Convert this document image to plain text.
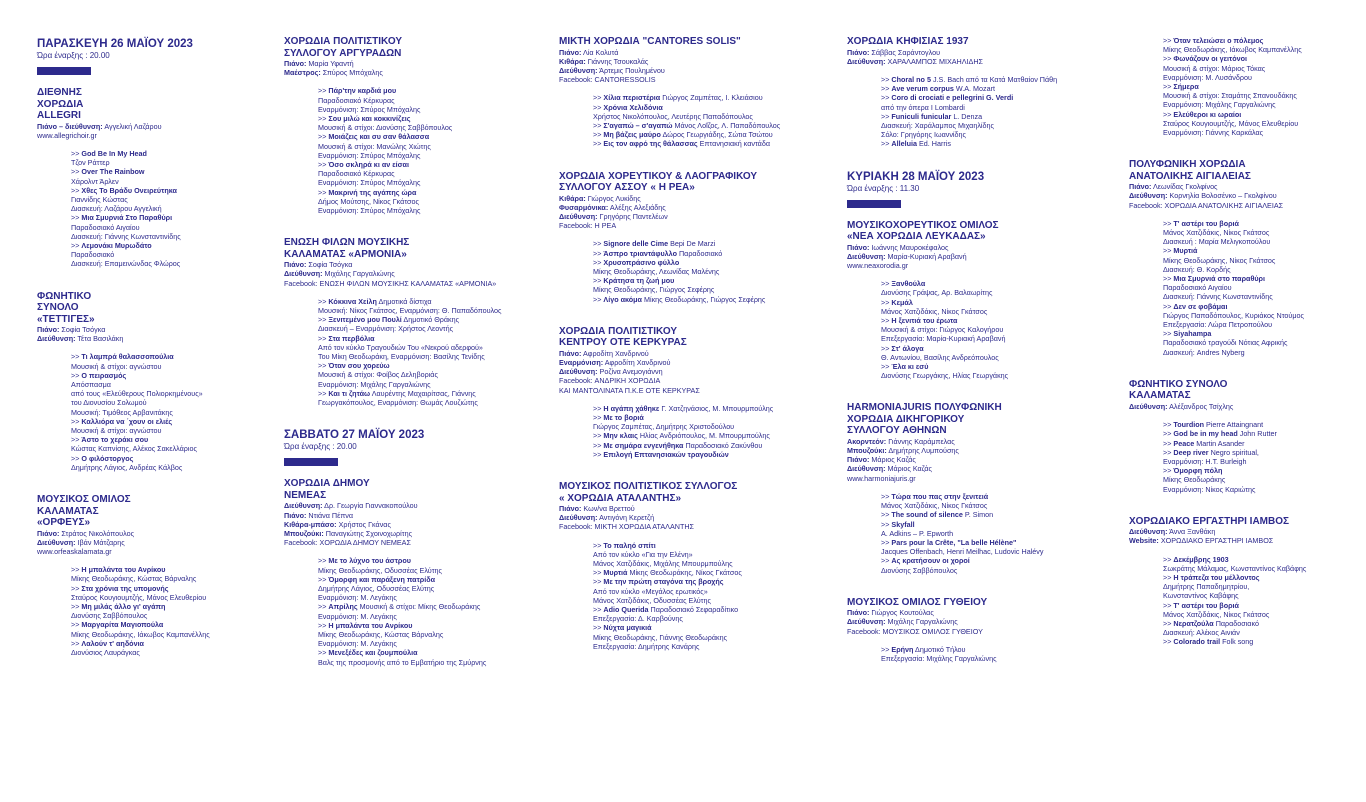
ΠΑΡΑΣΚΕΥΗ 26 ΜΑΪΟΥ 2023
Ώρα έναρξης : 20.00
ΔΙΕΘΝΗΣ
ΧΟΡΩΔΙΑ
ALLEGRI
Πιάνο – διεύθυνση: Αγγελική Λαζάρου
www.allegrichoir.gr
>> God Be In My Head
Τζον Ράττερ
>> Over The Rainbow
Χάρολντ Άρλεν
>> Χθες Το Βράδυ Ονειρεύτηκα
Γιαννίδης Κώστας
Διασκευή: Λαζάρου Αγγελική
>> Μια Σμυρνιά Στο Παραθύρι
Παραδοσιακό Αιγαίου
Διασκευή: Γιάννης Κωνσταντινίδης
>> Λεμονάκι Μυρωδάτο
Παραδοσιακό
Διασκευή: Επαμεινώνδας Φλώρος
ΦΩΝΗΤΙΚΟ
ΣΥΝΟΛΟ
«ΤΕΤΤΙΓΕΣ»
Πιάνο: Σοφία Τσόγκα
Διεύθυνση: Τέτα Βασιλάκη
>> Τι λαμπρά θαλασσοπούλια
Μουσική & στίχοι: αγνώστου
>> Ο πειρασμός
Απόσπασμα
από τους «Ελεύθερους Πολιορκημένους»
του Διονυσίου Σολωμού
Μουσική: Τιμόθεος Αρβανιτάκης
>> Καλλιόρα να ΄χουν οι ελιές
Μουσική & στίχοι: αγνώστου
>> Άστο το χεράκι σου
Κώστας Καπνίσης, Αλέκος Σακελλάριος
>> Ο φιλόστοργος
Δημήτρης Λάγιος, Ανδρέας Κάλβος
ΜΟΥΣΙΚΟΣ ΟΜΙΛΟΣ
ΚΑΛΑΜΑΤΑΣ
«ΟΡΦΕΥΣ»
Πιάνο: Στράτος Νικολόπουλος
Διεύθυνση: Ιβάν Μάτζαρης
www.orfeaskalamata.gr
>> Η μπαλάντα του Ανρίκου
Μίκης Θεοδωράκης, Κώστας Βάρναλης
>> Στα χρόνια της υπομονής
Σταύρος Κουγιουμτζής, Μάνος Ελευθερίου
>> Μη μιλάς άλλο γι' αγάπη
Διονύσης Σαββόπουλος
>> Μαργαρίτα Μαγιοπούλα
Μίκης Θεοδωράκης, Ιάκωβος Καμπανέλλης
>> Λαλούν τ' αηδόνια
Διονύσιος Λαυράγκας
ΧΟΡΩΔΙΑ ΠΟΛΙΤΙΣΤΙΚΟΥ
ΣΥΛΛΟΓΟΥ ΑΡΓΥΡΑΔΩΝ
Πιάνο: Μαρία Υφαντή
Μαέστρος: Σπύρος Μπόχαλης
>> Πάρ'την καρδιά μου
Παραδοσιακό Κέρκυρας
Εναρμόνιση: Σπύρος Μπόχαλης
>> Σου μιλώ και κοκκινίζεις
Μουσική & στίχοι: Διονύσης Σαββόπουλος
>> Μοιάζεις και συ σαν θάλασσα
Μουσική & στίχοι: Μανώλης Χιώτης
Εναρμόνιση: Σπύρος Μπόχαλης
>> Όσο σκληρά κι αν είσαι
Παραδοσιακό Κέρκυρας
Εναρμόνιση: Σπύρος Μπόχαλης
>> Μακρινή της αγάπης ώρα
Δήμος Μούτσης, Νίκος Γκάτσος
Εναρμόνιση: Σπύρος Μπόχαλης
ΕΝΩΣΗ ΦΙΛΩΝ ΜΟΥΣΙΚΗΣ
ΚΑΛΑΜΑΤΑΣ «ΑΡΜΟΝΙΑ»
Πιάνο: Σοφία Τσόγκα
Διεύθυνση: Μιχάλης Γαργαλιώνης
Facebook: ΕΝΩΣΗ ΦΙΛΩΝ ΜΟΥΣΙΚΗΣ ΚΑΛΑΜΑΤΑΣ «ΑΡΜΟΝΙΑ»
>> Κόκκινα Χείλη Δημοτικά δίστιχα
Μουσική: Νίκος Γκάτσος, Εναρμόνιση: Θ. Παπαδόπουλος
>> Ξενιτεμένο μου Πουλί Δημοτικό Θράκης
Διασκευή – Εναρμόνιση: Χρήστος Λεοντής
>> Στα περβόλια
Από τον κύκλο Τραγουδιών Του «Νεκρού αδερφού»
Του Μίκη Θεοδωράκη, Εναρμόνιση: Βασίλης Τενίδης
>> Όταν σου χορεύω
Μουσική & στίχοι: Φοίβος Δεληβοριάς
Εναρμόνιση: Μιχάλης Γαργαλιώνης
>> Και τι ζητάω Λαυρέντης Μαχαιρίτσας, Γιάννης
Γεωργακόπουλος, Εναρμόνιση: Θωμάς Λουζιώτης
ΣΑΒΒΑΤΟ 27 ΜΑΪΟΥ 2023
Ώρα έναρξης : 20.00
ΧΟΡΩΔΙΑ ΔΗΜΟΥ
ΝΕΜΕΑΣ
Διεύθυνση: Δρ. Γεωργία Γιαννακοπούλου
Πιάνο: Ντιάνα Πέπνα
Κιθάρα-μπάσο: Χρήστος Γκάνας
Μπουζούκι: Παναγιώτης Σχοινοχωρίτης
Facebook: ΧΟΡΩΔΙΑ ΔΗΜΟΥ ΝΕΜΕΑΣ
>> Με το λύχνο του άστρου
Μίκης Θεοδωράκης, Οδυσσέας Ελύτης
>> Όμορφη και παράξενη πατρίδα
Δημήτρης Λάγιος, Οδυσσέας Ελύτης
Εναρμόνιση: Μ. Λεγάκης
>> Απρίλης Μουσική & στίχοι: Μίκης Θεοδωράκης
Εναρμόνιση: Μ. Λεγάκης
>> Η μπαλάντα του Ανρίκου
Μίκης Θεοδωράκης, Κώστας Βάρναλης
Εναρμόνιση: Μ. Λεγάκης
>> Μενεξέδες και ζουμπούλια
Βαλς της προσμονής από το Εμβατήριο της Σμύρνης
ΜΙΚΤΗ ΧΟΡΩΔΙΑ "CANTORES SOLIS"
Πιάνο: Λία Κολυτά
Κιθάρα: Γιάννης Τσουκαλάς
Διεύθυνση: Άρτεμις Πουλημένου
Facebook: CANTORESSOLIS
>> Χίλια περιστέρια Γιώργος Ζαμπέτας, Ι. Κλειάσιου
>> Χρόνια Χελιδόνια
Χρήστος Νικολόπουλος, Λευτέρης Παπαδόπουλος
>> Σ'αγαπώ – σ'αγαπώ Μάνος Λοΐζος, Λ. Παπαδόπουλος
>> Μη βάζεις μαύρο Δώρος Γεωργιάδης, Σώτια Τσώτου
>> Εις τον αφρό της θάλασσας Επτανησιακή καντάδα
ΧΟΡΩΔΙΑ ΧΟΡΕΥΤΙΚΟΥ & ΛΑΟΓΡΑΦΙΚΟΥ
ΣΥΛΛΟΓΟΥ ΑΣΣΟΥ « Η ΡΕΑ»
Κιθάρα: Γιώργος Λυκίδης
Φυσαρμόνικα: Αλέξης Αλεξιάδης
Διεύθυνση: Γρηγόρης Παντελέων
Facebook: Η ΡΕΑ
>> Signore delle Cime Bepi De Marzi
>> Άσπρο τριαντάφυλλο Παραδοσιακό
>> Χρυσοπράσινο φύλλο
Μίκης Θεοδωράκης, Λεωνίδας Μαλένης
>> Κράτησα τη ζωή μου
Μίκης Θεοδωράκης, Γιώργος Σεφέρης
>> Λίγο ακόμα Μίκης Θεοδωράκης, Γιώργος Σεφέρης
ΧΟΡΩΔΙΑ ΠΟΛΙΤΙΣΤΙΚΟΥ
ΚΕΝΤΡΟΥ ΟΤΕ ΚΕΡΚΥΡΑΣ
Πιάνο: Αφροδίτη Χανδρινού
Εναρμόνιση: Αφροδίτη Χανδρινού
Διεύθυνση: Ροζίνα Ανεμογιάννη
Facebook: ΑΝΔΡΙΚΗ ΧΟΡΩΔΙΑ
ΚΑΙ ΜΑΝΤΟΛΙΝΑΤΑ Π.Κ.Ε ΟΤΕ ΚΕΡΚΥΡΑΣ
>> Η αγάπη χάθηκε Γ. Χατζηνάσιος, Μ. Μπουρμπούλης
>> Με το βοριά
Γιώργος Ζαμπέτας, Δημήτρης Χριστοδούλου
>> Μην κλαις Ηλίας Ανδριόπουλος, Μ. Μπουρμπούλης
>> Με σημάρα ενγενήθηκα Παραδοσιακό Ζακύνθου
>> Επιλογή Επτανησιακών τραγουδιών
ΜΟΥΣΙΚΟΣ ΠΟΛΙΤΙΣΤΙΚΟΣ ΣΥΛΛΟΓΟΣ
« ΧΟΡΩΔΙΑ ΑΤΑΛΑΝΤΗΣ»
Πιάνο: Κων/να Βρεττού
Διεύθυνση: Αντιγόνη Κερετζή
Facebook: ΜΙΚΤΗ ΧΟΡΩΔΙΑ ΑΤΑΛΑΝΤΗΣ
>> Το παληό σπίτι
Από τον κύκλο «Για την Ελένη»
Μάνος Χατζιδάκις, Μιχάλης Μπουρμπούλης
>> Μυρτιά Μίκης Θεοδωράκης, Νίκος Γκάτσος
>> Με την πρώτη σταγόνα της βροχής
Από τον κύκλο «Μεγάλος ερωτικός»
Μάνος Χατζιδάκις, Οδυσσέας Ελύτης
>> Adio Querida Παραδοσιακό Σεφαραδίτικο
Επεξεργασία: Δ. Καρβούνης
>> Νύχτα μαγικιά
Μίκης Θεοδωράκης, Γιάννης Θεοδωράκης
Επεξεργασία: Δημήτρης Κανάρης
ΧΟΡΩΔΙΑ ΚΗΦΙΣΙΑΣ 1937
Πιάνο: Σάββας Σαράντογλου
Διεύθυνση: ΧΑΡΑΛΑΜΠΟΣ ΜΙΧΑΗΛΙΔΗΣ
>> Choral no 5 J.S. Bach από τα Κατά Ματθαίον Πάθη
>> Ave verum corpus W.A. Mozart
>> Coro di crociati e pellegrini G. Verdi
από την όπερα I Lombardi
>> Funiculi funicular L. Denza
Διασκευή: Χαράλαμπος Μιχαηλίδης
Σόλο: Γρηγόρης Ιωαννίδης
>> Alleluia Ed. Harris
ΚΥΡΙΑΚΗ 28 ΜΑΪΟΥ 2023
Ώρα έναρξης : 11.30
ΜΟΥΣΙΚΟΧΟΡΕΥΤΙΚΟΣ ΟΜΙΛΟΣ
«ΝΕΑ ΧΟΡΩΔΙΑ ΛΕΥΚΑΔΑΣ»
Πιάνο: Ιωάννης Μαυροκέφαλος
Διεύθυνση: Μαρία-Κυριακή Αραβανή
www.neaxorodia.gr
>> Ξανθούλα
Διονύσης Γράψας, Αρ. Βαλαωρίτης
>> Κεμάλ
Μάνος Χατζιδάκις, Νίκος Γκάτσος
>> Η ξενιτιά του έρωτα
Μουσική & στίχοι: Γιώργος Καλογήρου
Επεξεργασία: Μαρία-Κυριακή Αραβανή
>> Στ' άλογα
Θ. Αντωνίου, Βασίλης Ανδρεόπουλος
>> Έλα κι εσύ
Διονύσης Γεωργάκης, Ηλίας Γεωργάκης
HARMONIAJURIS ΠΟΛΥΦΩΝΙΚΗ
ΧΟΡΩΔΙΑ ΔΙΚΗΓΟΡΙΚΟΥ
ΣΥΛΛΟΓΟΥ ΑΘΗΝΩΝ
Ακορντεόν: Γιάννης Καράμπελας
Μπουζούκι: Δημήτρης Λυμπούσης
Πιάνο: Μάριος Καζάς
Διεύθυνση: Μάριος Καζάς
www.harmoniajuris.gr
>> Τώρα που πας στην ξενιτειά
Μάνος Χατζιδάκις, Νίκος Γκάτσος
>> The sound of silence P. Simon
>> Skyfall
A. Adkins – P. Epworth
>> Pars pour la Crête, "La belle Hélène"
Jacques Offenbach, Henri Meilhac, Ludovic Halévy
>> Ας κρατήσουν οι χοροί
Διονύσης Σαββόπουλος
ΜΟΥΣΙΚΟΣ ΟΜΙΛΟΣ ΓΥΘΕΙΟΥ
Πιάνο: Γιώργος Κουτούλας
Διεύθυνση: Μιχάλης Γαργαλιώνης
Facebook: ΜΟΥΣΙΚΟΣ ΟΜΙΛΟΣ ΓΥΘΕΙΟΥ
>> Ερήνη Δημοτικό Τήλου
Επεξεργασία: Μιχάλης Γαργαλιώνης
>> Όταν τελειώσει ο πόλεμος
Μίκης Θεοδωράκης, Ιάκωβος Καμπανέλλης
>> Φωνάζουν οι γειτόνοι
Μουσική & στίχοι: Μάριος Τόκας
Εναρμόνιση: Μ. Λυσάνδρου
>> Σήμερα
Μουσική & στίχοι: Σταμάτης Σπανουδάκης
Εναρμόνιση: Μιχάλης Γαργαλιώνης
>> Ελεύθεροι κι ωραίοι
Σταύρος Κουγιουμτζής, Μάνος Ελευθερίου
Εναρμόνιση: Γιάννης Καρκάλας
ΠΟΛΥΦΩΝΙΚΗ ΧΟΡΩΔΙΑ
ΑΝΑΤΟΛΙΚΗΣ ΑΙΓΙΑΛΕΙΑΣ
Πιάνο: Λεωνίδας Γκολφίνος
Διεύθυνση: Κορνηλία Βολοσένκο – Γκολφίνου
Facebook: ΧΟΡΩΔΙΑ ΑΝΑΤΟΛΙΚΗΣ ΑΙΓΙΑΛΕΙΑΣ
>> Τ' αστέρι του βοριά
Μάνος Χατζιδάκις, Νίκος Γκάτσος
Διασκευή : Μαρία Μελιγκοπούλου
>> Μυρτιά
Μίκης Θεοδωράκης, Νίκος Γκάτσος
Διασκευή: Θ. Κορδής
>> Μια Σμυρνιά στο παραθύρι
Παραδοσιακό Αιγαίου
Διασκευή: Γιάννης Κωνσταντινίδης
>> Δεν σε φοβάμαι
Γιώργος Παπαδόπουλος, Κυριάκος Ντούμος
Επεξεργασία: Λώρα Πετροπούλου
>> Siyahampa
Παραδοσιακό τραγούδι Νότιας Αφρικής
Διασκευή: Andres Nyberg
ΦΩΝΗΤΙΚΟ ΣΥΝΟΛΟ
ΚΑΛΑΜΑΤΑΣ
Διεύθυνση: Αλέξανδρος Τσίχλης
>> Tourdion Pierre Attaingnant
>> God be in my head John Rutter
>> Peace Martin Asander
>> Deep river Negro spiritual,
Εναρμόνιση: H.T. Burleigh
>> Όμορφη πόλη
Μίκης Θεοδωράκης
Εναρμόνιση: Νίκος Καριώτης
ΧΟΡΩΔΙΑΚΟ ΕΡΓΑΣΤΗΡΙ ΙΑΜΒΟΣ
Διεύθυνση: Άννα Ξανθάκη
Website: ΧΟΡΩΔΙΑΚΟ ΕΡΓΑΣΤΗΡΙ ΙΑΜΒΟΣ
>> Δεκέμβρης 1903
Σωκράτης Μάλαμας, Κωνσταντίνος Καβάφης
>> Η τράπεζα του μέλλοντος
Δημήτρης Παπαδημητρίου,
Κωνσταντίνος Καβάφης
>> Τ' αστέρι του βοριά
Μάνος Χατζιδάκις, Νίκος Γκάτσος
>> Νερατζούλα Παραδοσιακό
Διασκευή: Αλέκος Αινιάν
>> Colorado trail Folk song
